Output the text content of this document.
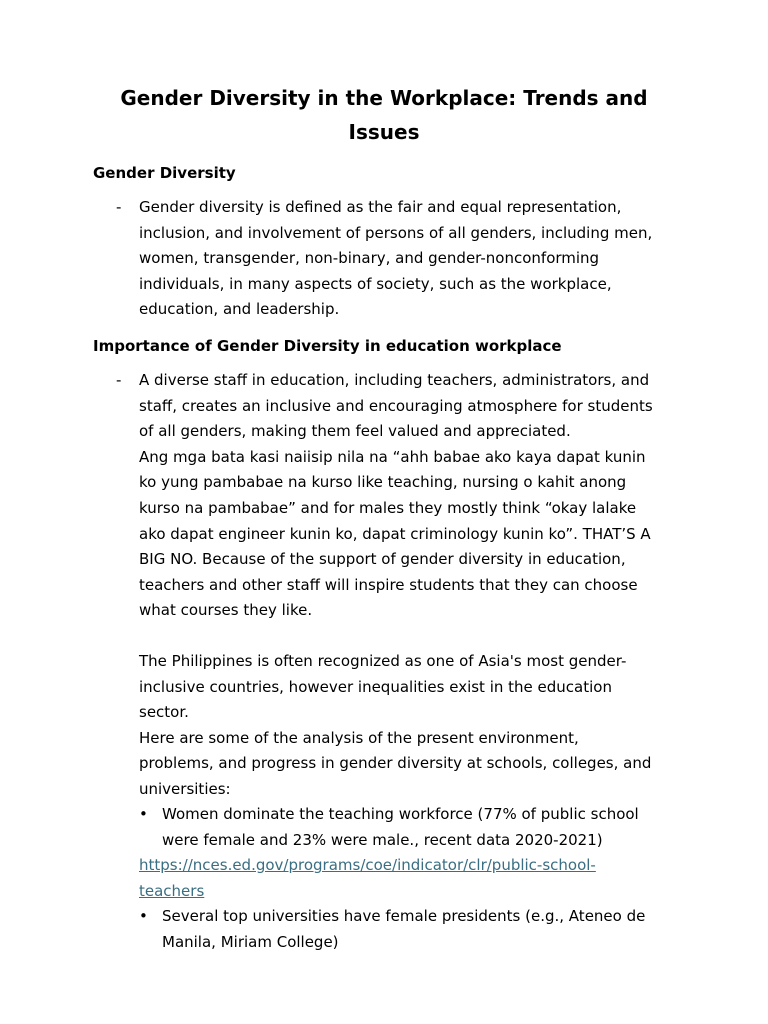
Gender Diversity in the Workplace: Trends and
Issues
Gender Diversity
- Gender diversity is defined as the fair and equal representation,
inclusion, and involvement of persons of all genders, including men,
women, transgender, non-binary, and gender-nonconforming
individuals, in many aspects of society, such as the workplace,
education, and leadership.
Importance of Gender Diversity in education workplace
- A diverse staff in education, including teachers, administrators, and
staff, creates an inclusive and encouraging atmosphere for students
of all genders, making them feel valued and appreciated.
Ang mga bata kasi naiisip nila na “ahh babae ako kaya dapat kunin
ko yung pambabae na kurso like teaching, nursing o kahit anong
kurso na pambabae” and for males they mostly think “okay lalake
ako dapat engineer kunin ko, dapat criminology kunin ko”. THAT’S A
BIG NO. Because of the support of gender diversity in education,
teachers and other staff will inspire students that they can choose
what courses they like.
The Philippines is often recognized as one of Asia's most gender-
inclusive countries, however inequalities exist in the education
sector.
Here are some of the analysis of the present environment,
problems, and progress in gender diversity at schools, colleges, and
universities:
• Women dominate the teaching workforce (77% of public school
were female and 23% were male., recent data 2020-2021)
https://nces.ed.gov/programs/coe/indicator/clr/public-school-
teachers
• Several top universities have female presidents (e.g., Ateneo de
Manila, Miriam College)
